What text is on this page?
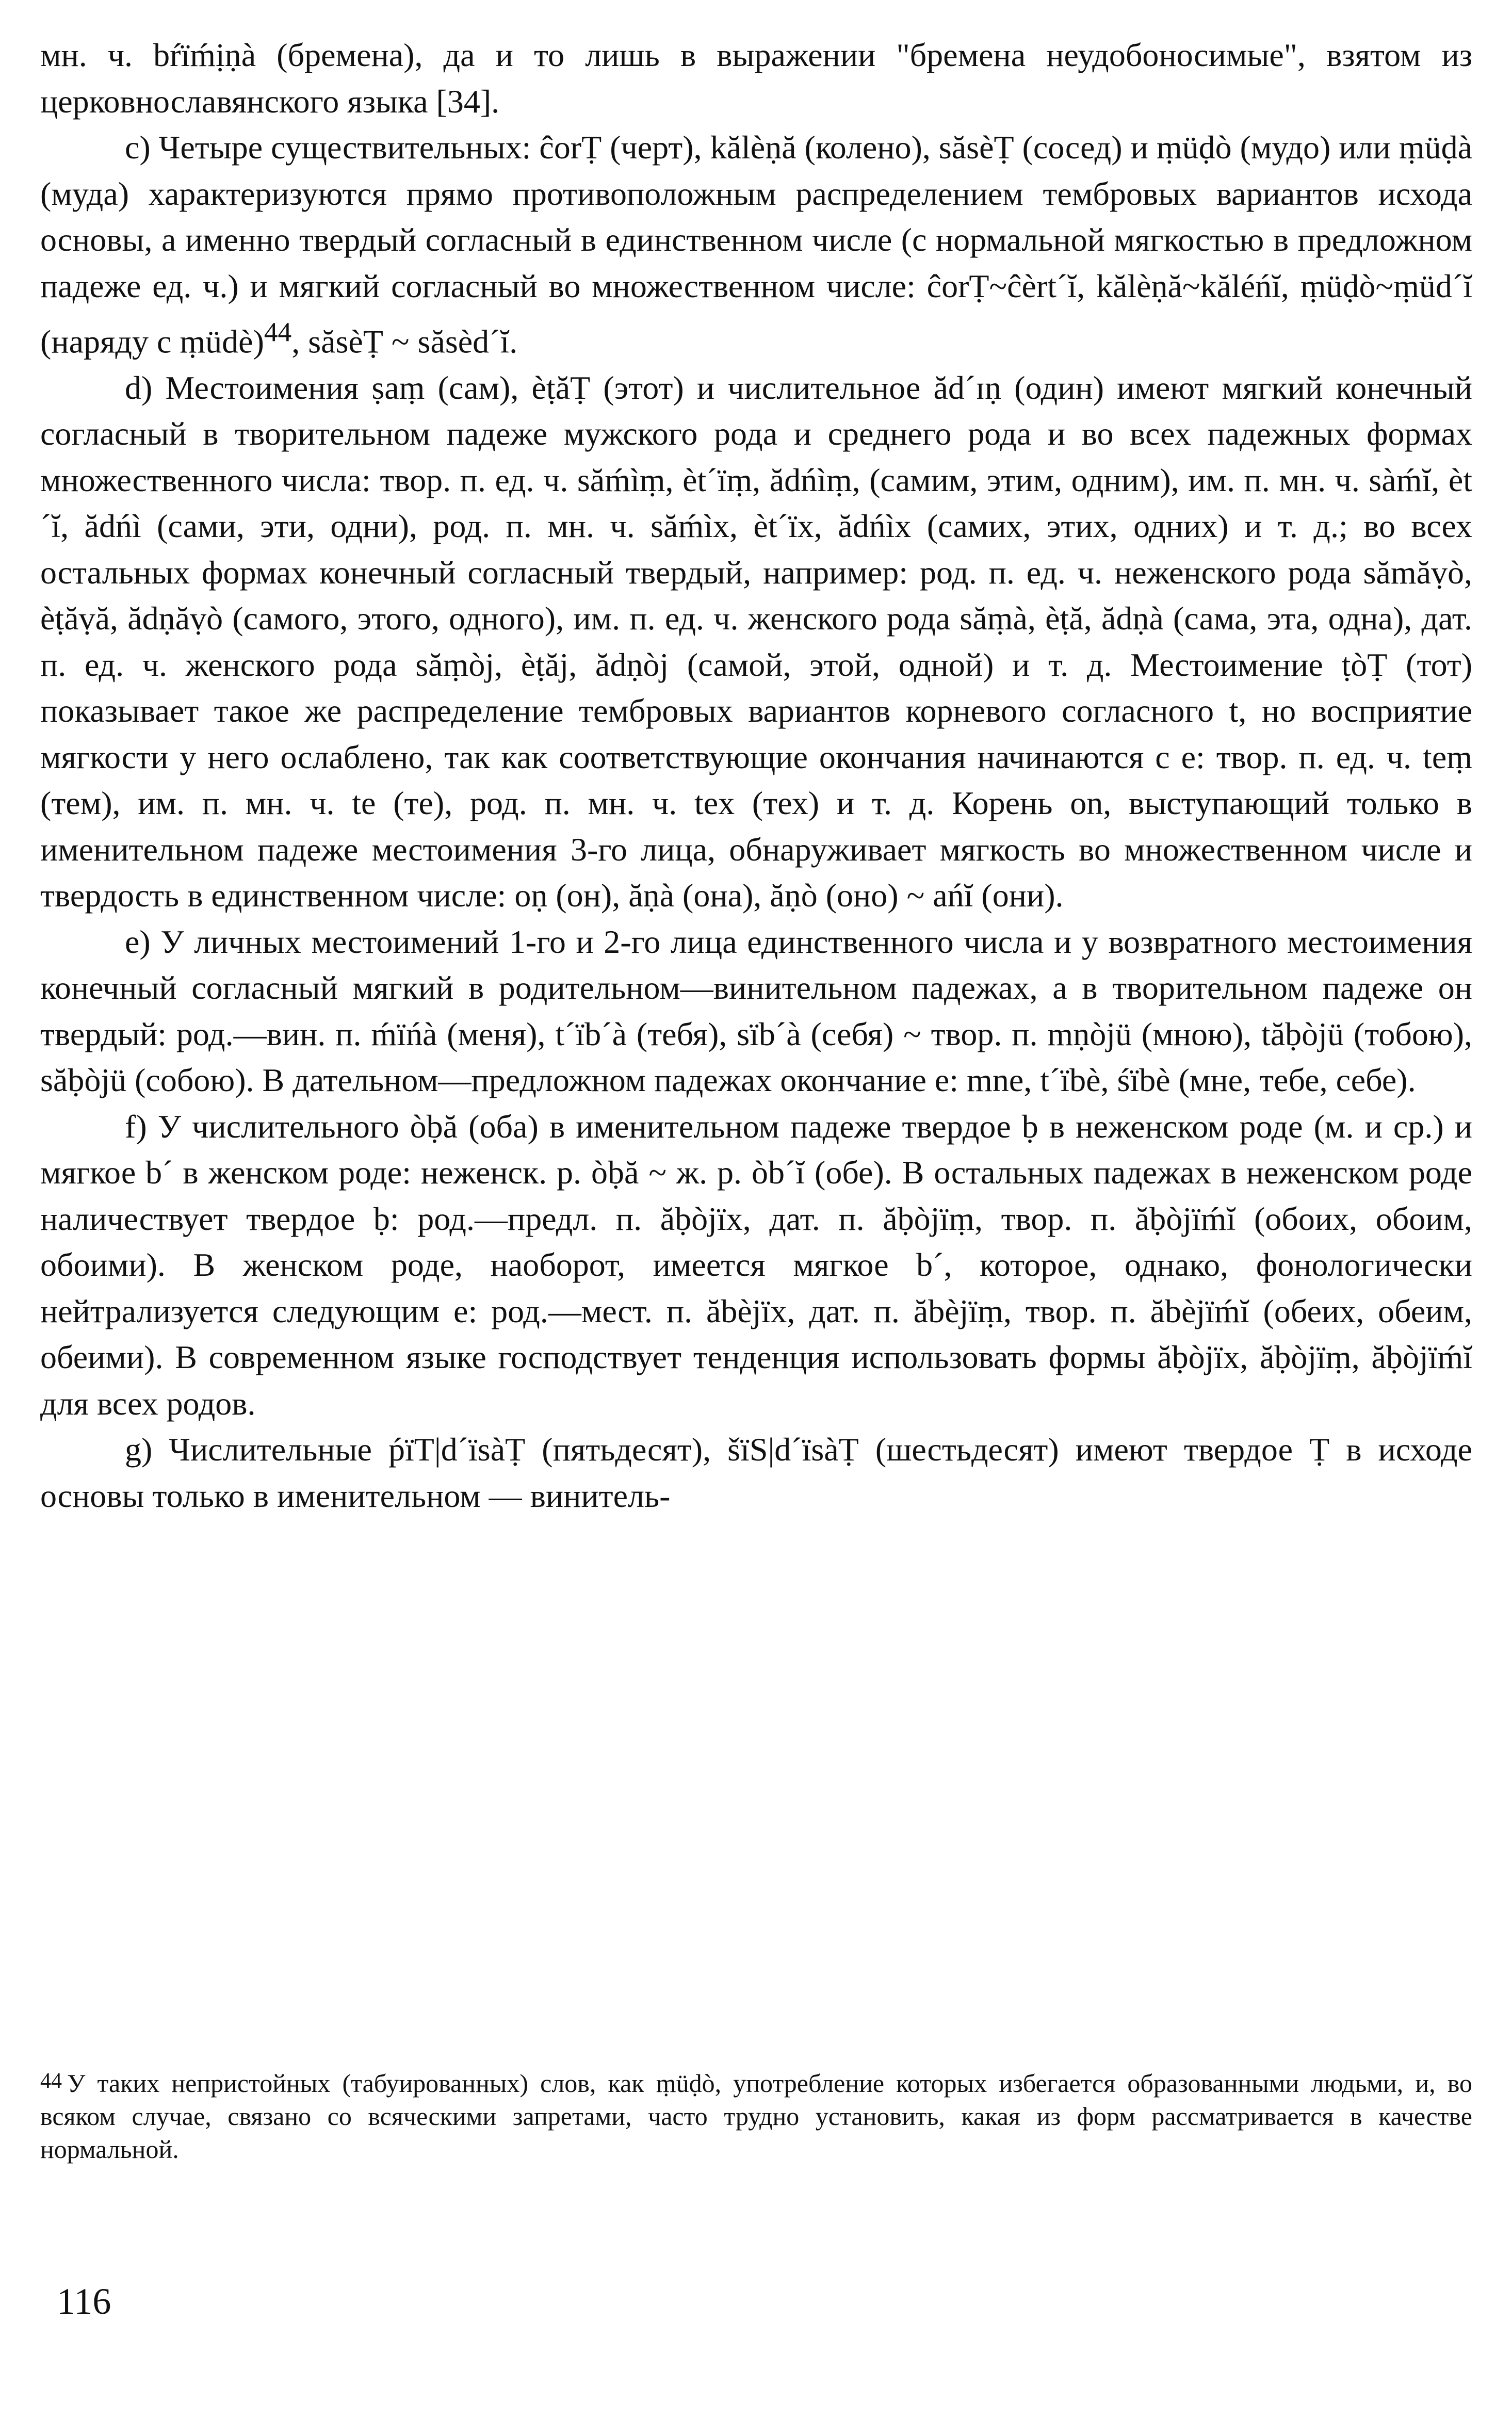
мн. ч. bŕïḿịṇà (бремена), да и то лишь в выражении "бремена неудобоносимые", взятом из церковнославянского языка [34].

c) Четыре существительных: ĉorṬ (черт), kălèṇă (колено), săsèṬ (сосед) и ṃüḍò (мудо) или ṃüḍà (муда) характеризуются прямо противоположным распределением тембровых вариантов исхода основы, а именно твердый согласный в единственном числе (с нормальной мягкостью в предложном падеже ед. ч.) и мягкий согласный во множественном числе: ĉorṬ~ĉèrt´ĭ, kălèṇă~kăléńĭ, ṃüḍò~ṃüd´ĭ (наряду с ṃüdè)$^{44}$, săsèṬ ~ săsèd´ĭ.

d) Местоимения ṣaṃ (сам), èṭăṬ (этот) и числительное ăd´ɪṇ (один) имеют мягкий конечный согласный в творительном падеже мужского рода и среднего рода и во всех падежных формах множественного числа: твор. п. ед. ч. săḿìṃ, èt´ïṃ, ădńìṃ, (самим, этим, одним), им. п. мн. ч. sàḿĭ, èt´ĭ, ădńì (сами, эти, одни), род. п. мн. ч. săḿìx, èt´ïx, ădńìx (самих, этих, одних) и т. д.; во всех остальных формах конечный согласный твердый, например: род. п. ед. ч. неженского рода sămăṿò, èṭăṿă, ădṇăṿò (самого, этого, одного), им. п. ед. ч. женского рода săṃà, èṭă, ădṇà (сама, эта, одна), дат. п. ед. ч. женского рода săṃòj, èṭăj, ădṇòj (самой, этой, одной) и т. д. Местоимение ṭòṬ (тот) показывает такое же распределение тембровых вариантов корневого согласного t, но восприятие мягкости у него ослаблено, так как соответствующие окончания начинаются с е: твор. п. ед. ч. teṃ (тем), им. п. мн. ч. te (те), род. п. мн. ч. tex (тех) и т. д. Корень on, выступающий только в именительном падеже местоимения 3-го лица, обнаруживает мягкость во множественном числе и твердость в единственном числе: oṇ (он), ăṇà (она), ăṇò (оно) ~ ańĭ (они).

e) У личных местоимений 1-го и 2-го лица единственного числа и у возвратного местоимения конечный согласный мягкий в родительном—винительном падежах, а в творительном падеже он твердый: род.—вин. п. ḿïńà (меня), t´ïb´à (тебя), sïb´à (себя) ~ твор. п. mṇòjü (мною), tăḅòjü (тобою), săḅòjü (собою). В дательном—предложном падежах окончание е: mne, t´ïbè, śïbè (мне, тебе, себе).

f) У числительного òḅă (оба) в именительном падеже твердое ḅ в неженском роде (м. и ср.) и мягкое b´ в женском роде: неженск. р. òḅă ~ ж. р. òb´ĭ (обе). В остальных падежах в неженском роде наличествует твердое ḅ: род.—предл. п. ăḅòjïx, дат. п. ăḅòjïṃ, твор. п. ăḅòjïḿĭ (обоих, обоим, обоими). В женском роде, наоборот, имеется мягкое b´, которое, однако, фонологически нейтрализуется следующим е: род.—мест. п. ăbèjïx, дат. п. ăbèjïṃ, твор. п. ăbèjïḿĭ (обеих, обеим, обеими). В современном языке господствует тенденция использовать формы ăḅòjïx, ăḅòjïṃ, ăḅòjïḿĭ для всех родов.

g) Числительные ṕïT|d´ïsàṬ (пятьдесят), šïS|d´ïsàṬ (шестьдесят) имеют твердое Ṭ в исходе основы только в именительном — винитель-

$^{44}$ У таких непристойных (табуированных) слов, как ṃüḍò, употребление которых избегается образованными людьми, и, во всяком случае, связано со всяческими запретами, часто трудно установить, какая из форм рассматривается в качестве нормальной.

116
